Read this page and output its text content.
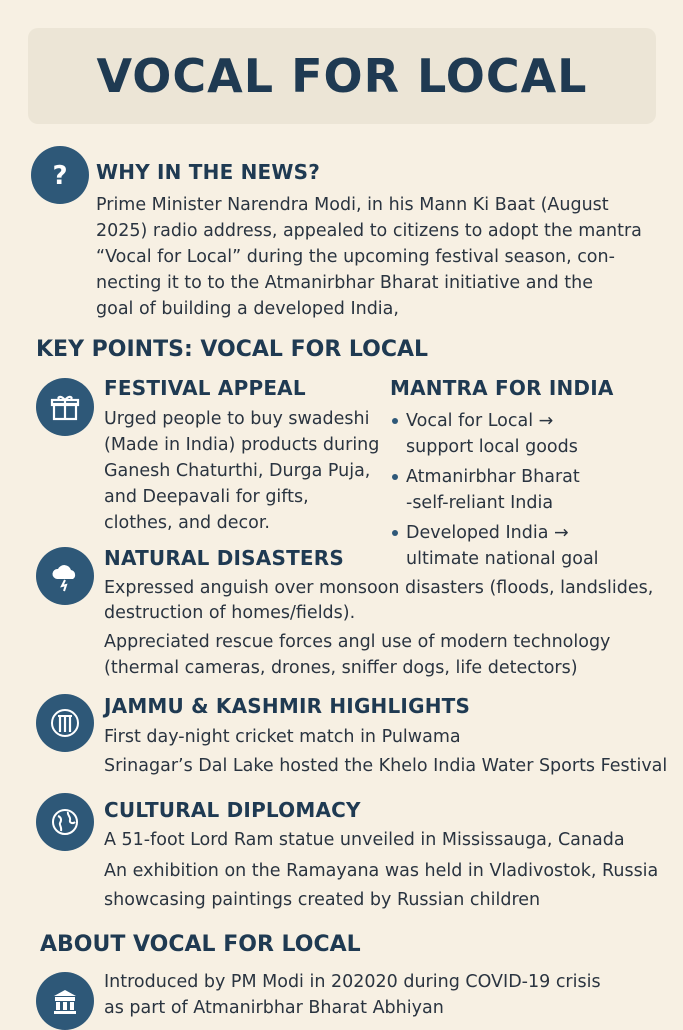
VOCAL FOR LOCAL
? WHY IN THE NEWS?
Prime Minister Narendra Modi, in his Mann Ki Baat (August
2025) radio address, appealed to citizens to adopt the mantra
“Vocal for Local” during the upcoming festival season, con-
necting it to to the Atmanirbhar Bharat initiative and the
goal of building a developed India,
KEY POINTS: VOCAL FOR LOCAL
FESTIVAL APPEAL
Urged people to buy swadeshi
(Made in India) products during
Ganesh Chaturthi, Durga Puja,
and Deepavali for gifts,
clothes, and decor.
MANTRA FOR INDIA
Vocal for Local →
support local goods
Atmanirbhar Bharat
-self-reliant India
Developed India →
ultimate national goal
NATURAL DISASTERS
Expressed anguish over monsoon disasters (floods, landslides,
destruction of homes/fields).
Appreciated rescue forces angl use of modern technology
(thermal cameras, drones, sniffer dogs, life detectors)
JAMMU & KASHMIR HIGHLIGHTS
First day-night cricket match in Pulwama
Srinagar’s Dal Lake hosted the Khelo India Water Sports Festival
CULTURAL DIPLOMACY
A 51-foot Lord Ram statue unveiled in Mississauga, Canada
An exhibition on the Ramayana was held in Vladivostok, Russia
showcasing paintings created by Russian children
ABOUT VOCAL FOR LOCAL
Introduced by PM Modi in 202020 during COVID-19 crisis
as part of Atmanirbhar Bharat Abhiyan
